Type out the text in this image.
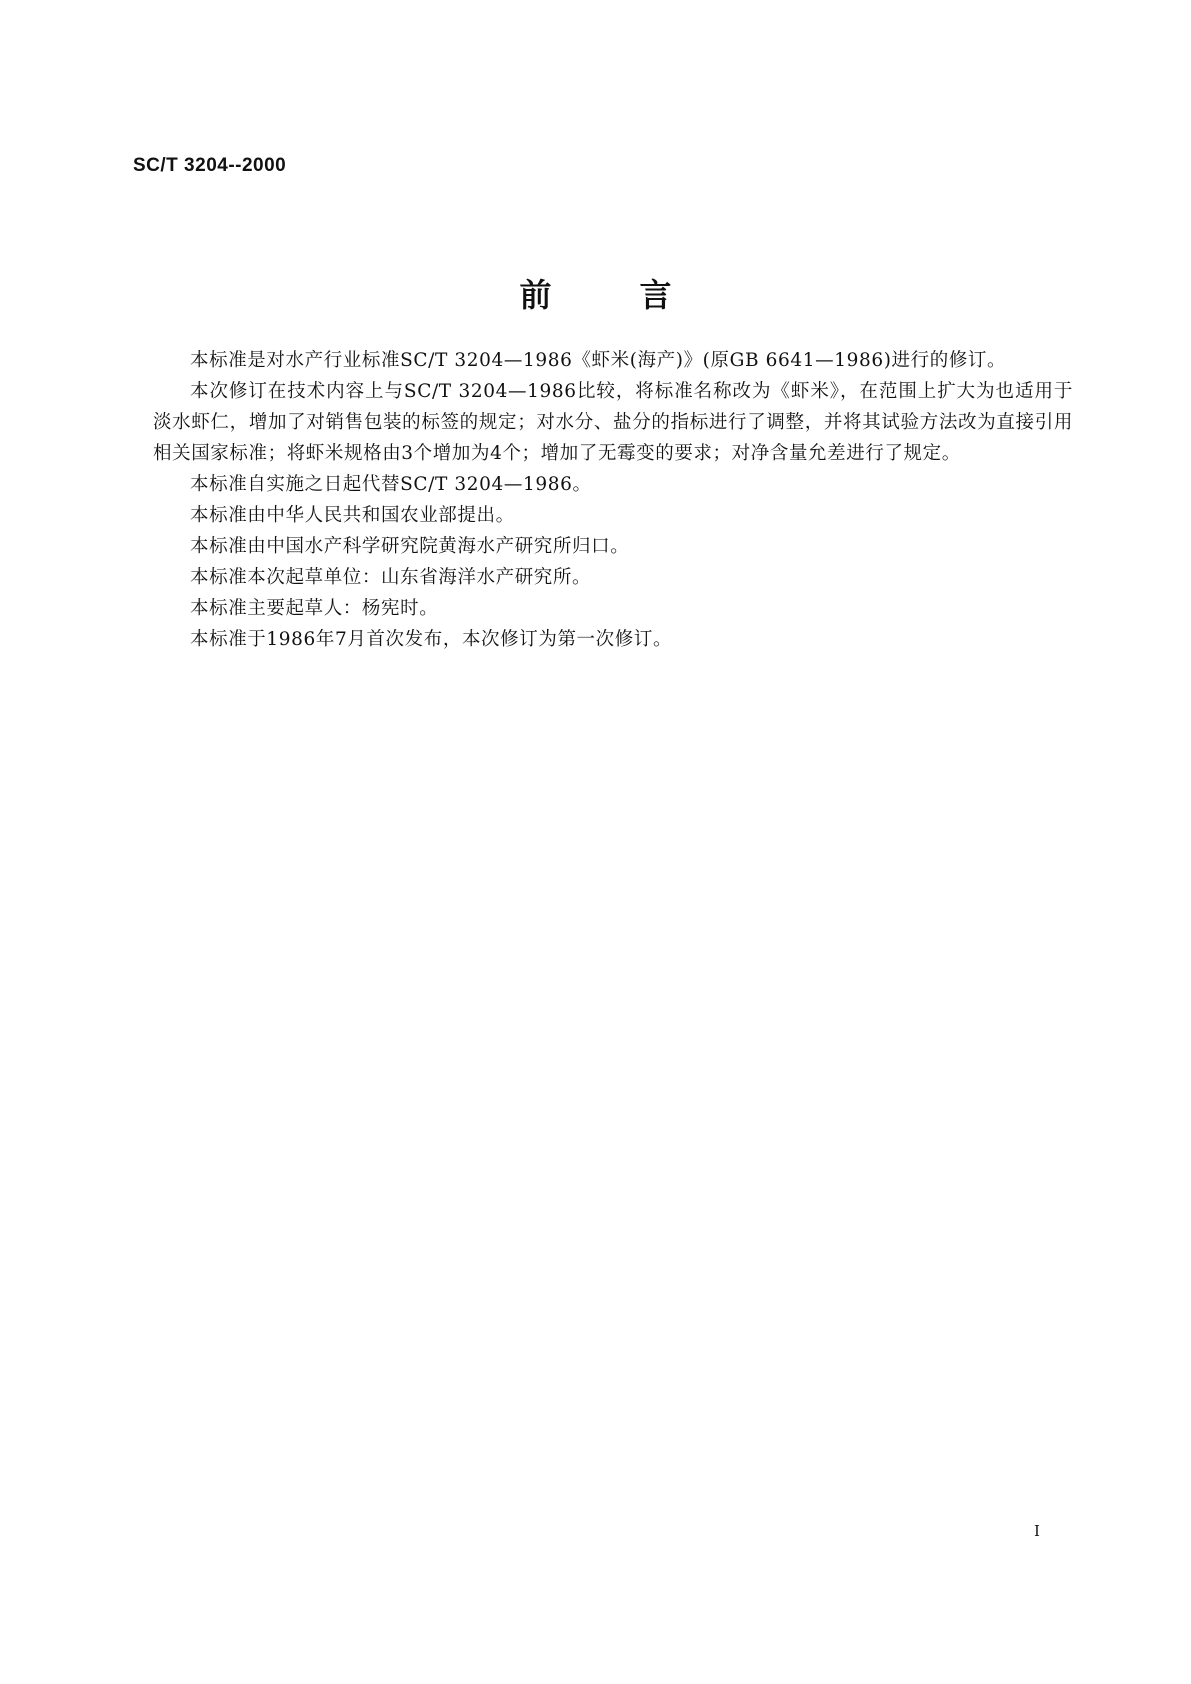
SC/T 3204--2000
前	言

本标准是对水产行业标准SC/T 3204—1986《虾米(海产)》(原GB 6641—1986)进行的修订。

本次修订在技术内容上与SC/T 3204—1986比较，将标准名称改为《虾米》，在范围上扩大为也适用于淡水虾仁，增加了对销售包装的标签的规定；对水分、盐分的指标进行了调整，并将其试验方法改为直接引用相关国家标准；将虾米规格由3个增加为4个；增加了无霉变的要求；对净含量允差进行了规定。

本标准自实施之日起代替SC/T 3204—1986。

本标准由中华人民共和国农业部提出。

本标准由中国水产科学研究院黄海水产研究所归口。

本标准本次起草单位：山东省海洋水产研究所。

本标准主要起草人：杨宪时。

本标准于1986年7月首次发布，本次修订为第一次修订。

I
